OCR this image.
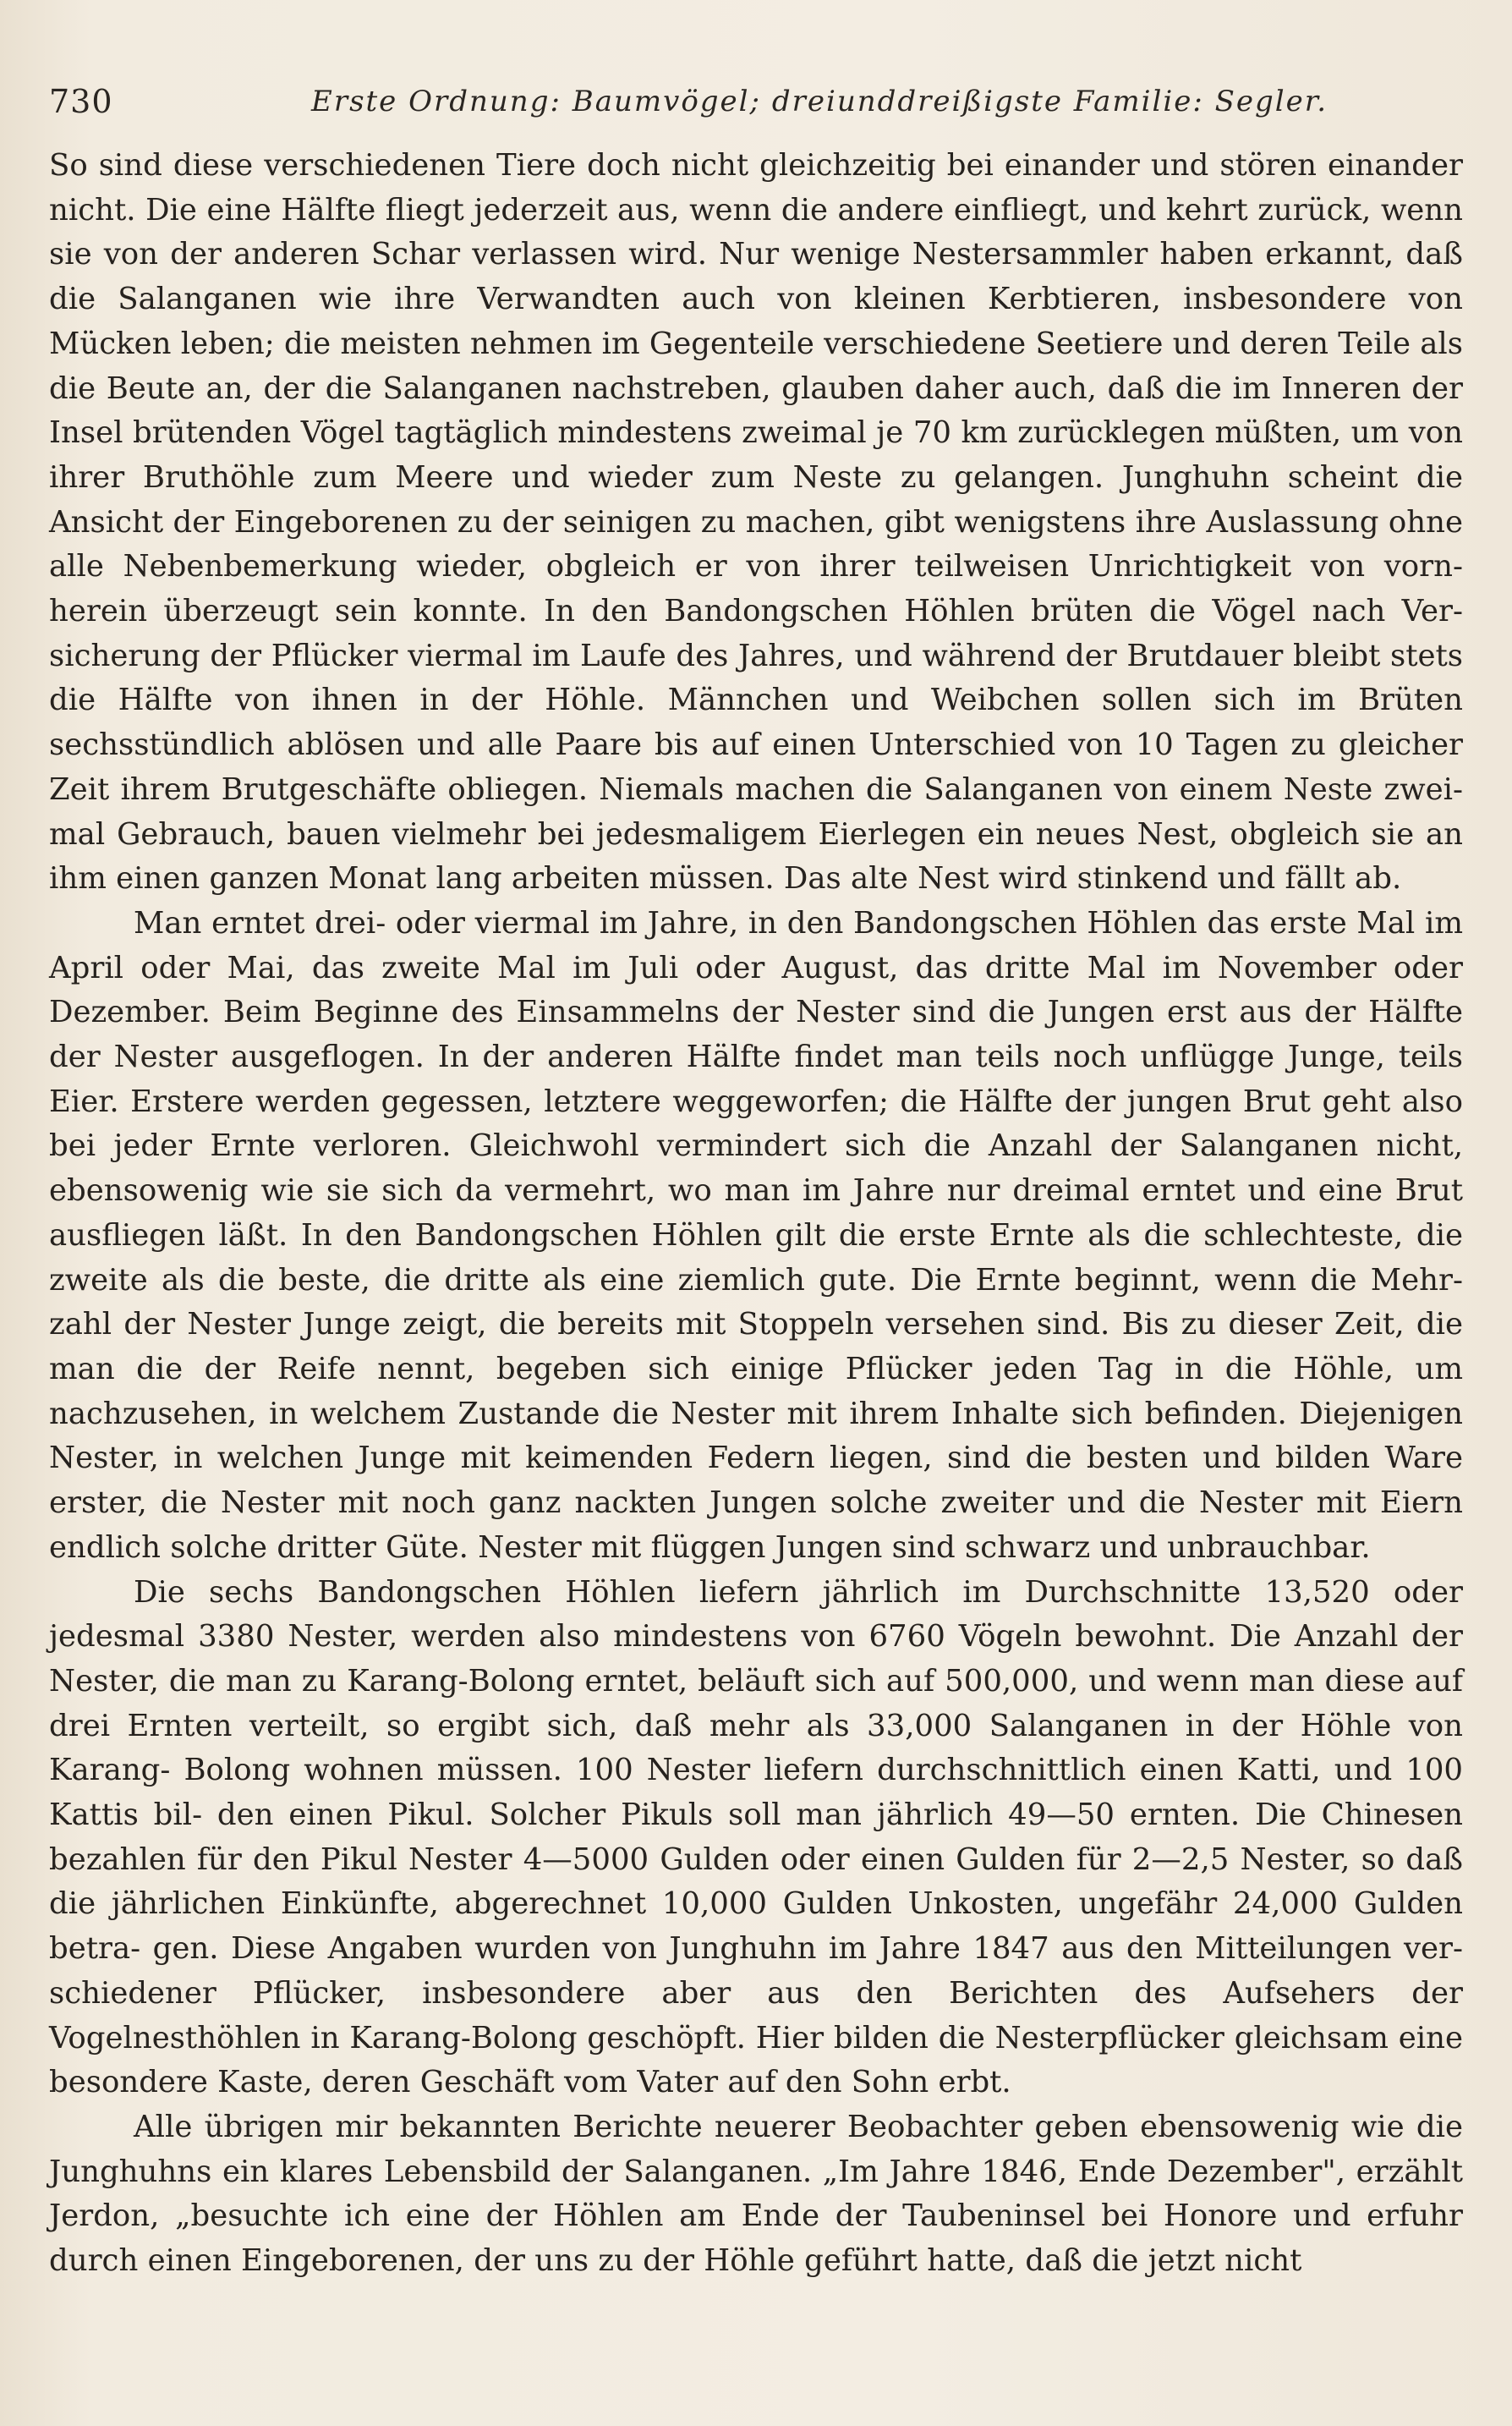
730	Erste Ordnung: Baumvögel; dreiunddreißigste Familie: Segler.

So sind diese verschiedenen Tiere doch nicht gleichzeitig bei einander und stören einander nicht. Die eine Hälfte fliegt jederzeit aus, wenn die andere einfliegt, und kehrt zurück, wenn sie von der anderen Schar verlassen wird. Nur wenige Nestersammler haben erkannt, daß die Salanganen wie ihre Verwandten auch von kleinen Kerbtieren, insbesondere von Mücken leben; die meisten nehmen im Gegenteile verschiedene Seetiere und deren Teile als die Beute an, der die Salanganen nachstreben, glauben daher auch, daß die im Inneren der Insel brütenden Vögel tagtäglich mindestens zweimal je 70 km zurücklegen müßten, um von ihrer Bruthöhle zum Meere und wieder zum Neste zu gelangen. Junghuhn scheint die Ansicht der Eingeborenen zu der seinigen zu machen, gibt wenigstens ihre Auslassung ohne alle Nebenbemerkung wieder, obgleich er von ihrer teilweisen Unrichtigkeit von vorn- herein überzeugt sein konnte. In den Bandongschen Höhlen brüten die Vögel nach Ver- sicherung der Pflücker viermal im Laufe des Jahres, und während der Brutdauer bleibt stets die Hälfte von ihnen in der Höhle. Männchen und Weibchen sollen sich im Brüten sechsstündlich ablösen und alle Paare bis auf einen Unterschied von 10 Tagen zu gleicher Zeit ihrem Brutgeschäfte obliegen. Niemals machen die Salanganen von einem Neste zwei- mal Gebrauch, bauen vielmehr bei jedesmaligem Eierlegen ein neues Nest, obgleich sie an ihm einen ganzen Monat lang arbeiten müssen. Das alte Nest wird stinkend und fällt ab.

Man erntet drei- oder viermal im Jahre, in den Bandongschen Höhlen das erste Mal im April oder Mai, das zweite Mal im Juli oder August, das dritte Mal im November oder Dezember. Beim Beginne des Einsammelns der Nester sind die Jungen erst aus der Hälfte der Nester ausgeflogen. In der anderen Hälfte findet man teils noch unflügge Junge, teils Eier. Erstere werden gegessen, letztere weggeworfen; die Hälfte der jungen Brut geht also bei jeder Ernte verloren. Gleichwohl vermindert sich die Anzahl der Salanganen nicht, ebensowenig wie sie sich da vermehrt, wo man im Jahre nur dreimal erntet und eine Brut ausfliegen läßt. In den Bandongschen Höhlen gilt die erste Ernte als die schlechteste, die zweite als die beste, die dritte als eine ziemlich gute. Die Ernte beginnt, wenn die Mehr- zahl der Nester Junge zeigt, die bereits mit Stoppeln versehen sind. Bis zu dieser Zeit, die man die der Reife nennt, begeben sich einige Pflücker jeden Tag in die Höhle, um nachzusehen, in welchem Zustande die Nester mit ihrem Inhalte sich befinden. Diejenigen Nester, in welchen Junge mit keimenden Federn liegen, sind die besten und bilden Ware erster, die Nester mit noch ganz nackten Jungen solche zweiter und die Nester mit Eiern endlich solche dritter Güte. Nester mit flüggen Jungen sind schwarz und unbrauchbar.

Die sechs Bandongschen Höhlen liefern jährlich im Durchschnitte 13,520 oder jedesmal 3380 Nester, werden also mindestens von 6760 Vögeln bewohnt. Die Anzahl der Nester, die man zu Karang-Bolong erntet, beläuft sich auf 500,000, und wenn man diese auf drei Ernten verteilt, so ergibt sich, daß mehr als 33,000 Salanganen in der Höhle von Karang- Bolong wohnen müssen. 100 Nester liefern durchschnittlich einen Katti, und 100 Kattis bil- den einen Pikul. Solcher Pikuls soll man jährlich 49—50 ernten. Die Chinesen bezahlen für den Pikul Nester 4—5000 Gulden oder einen Gulden für 2—2,5 Nester, so daß die jährlichen Einkünfte, abgerechnet 10,000 Gulden Unkosten, ungefähr 24,000 Gulden betra- gen. Diese Angaben wurden von Junghuhn im Jahre 1847 aus den Mitteilungen ver- schiedener Pflücker, insbesondere aber aus den Berichten des Aufsehers der Vogelnesthöhlen in Karang-Bolong geschöpft. Hier bilden die Nesterpflücker gleichsam eine besondere Kaste, deren Geschäft vom Vater auf den Sohn erbt.

Alle übrigen mir bekannten Berichte neuerer Beobachter geben ebensowenig wie die Junghuhns ein klares Lebensbild der Salanganen. „Im Jahre 1846, Ende Dezember", erzählt Jerdon, „besuchte ich eine der Höhlen am Ende der Taubeninsel bei Honore und erfuhr durch einen Eingeborenen, der uns zu der Höhle geführt hatte, daß die jetzt nicht
